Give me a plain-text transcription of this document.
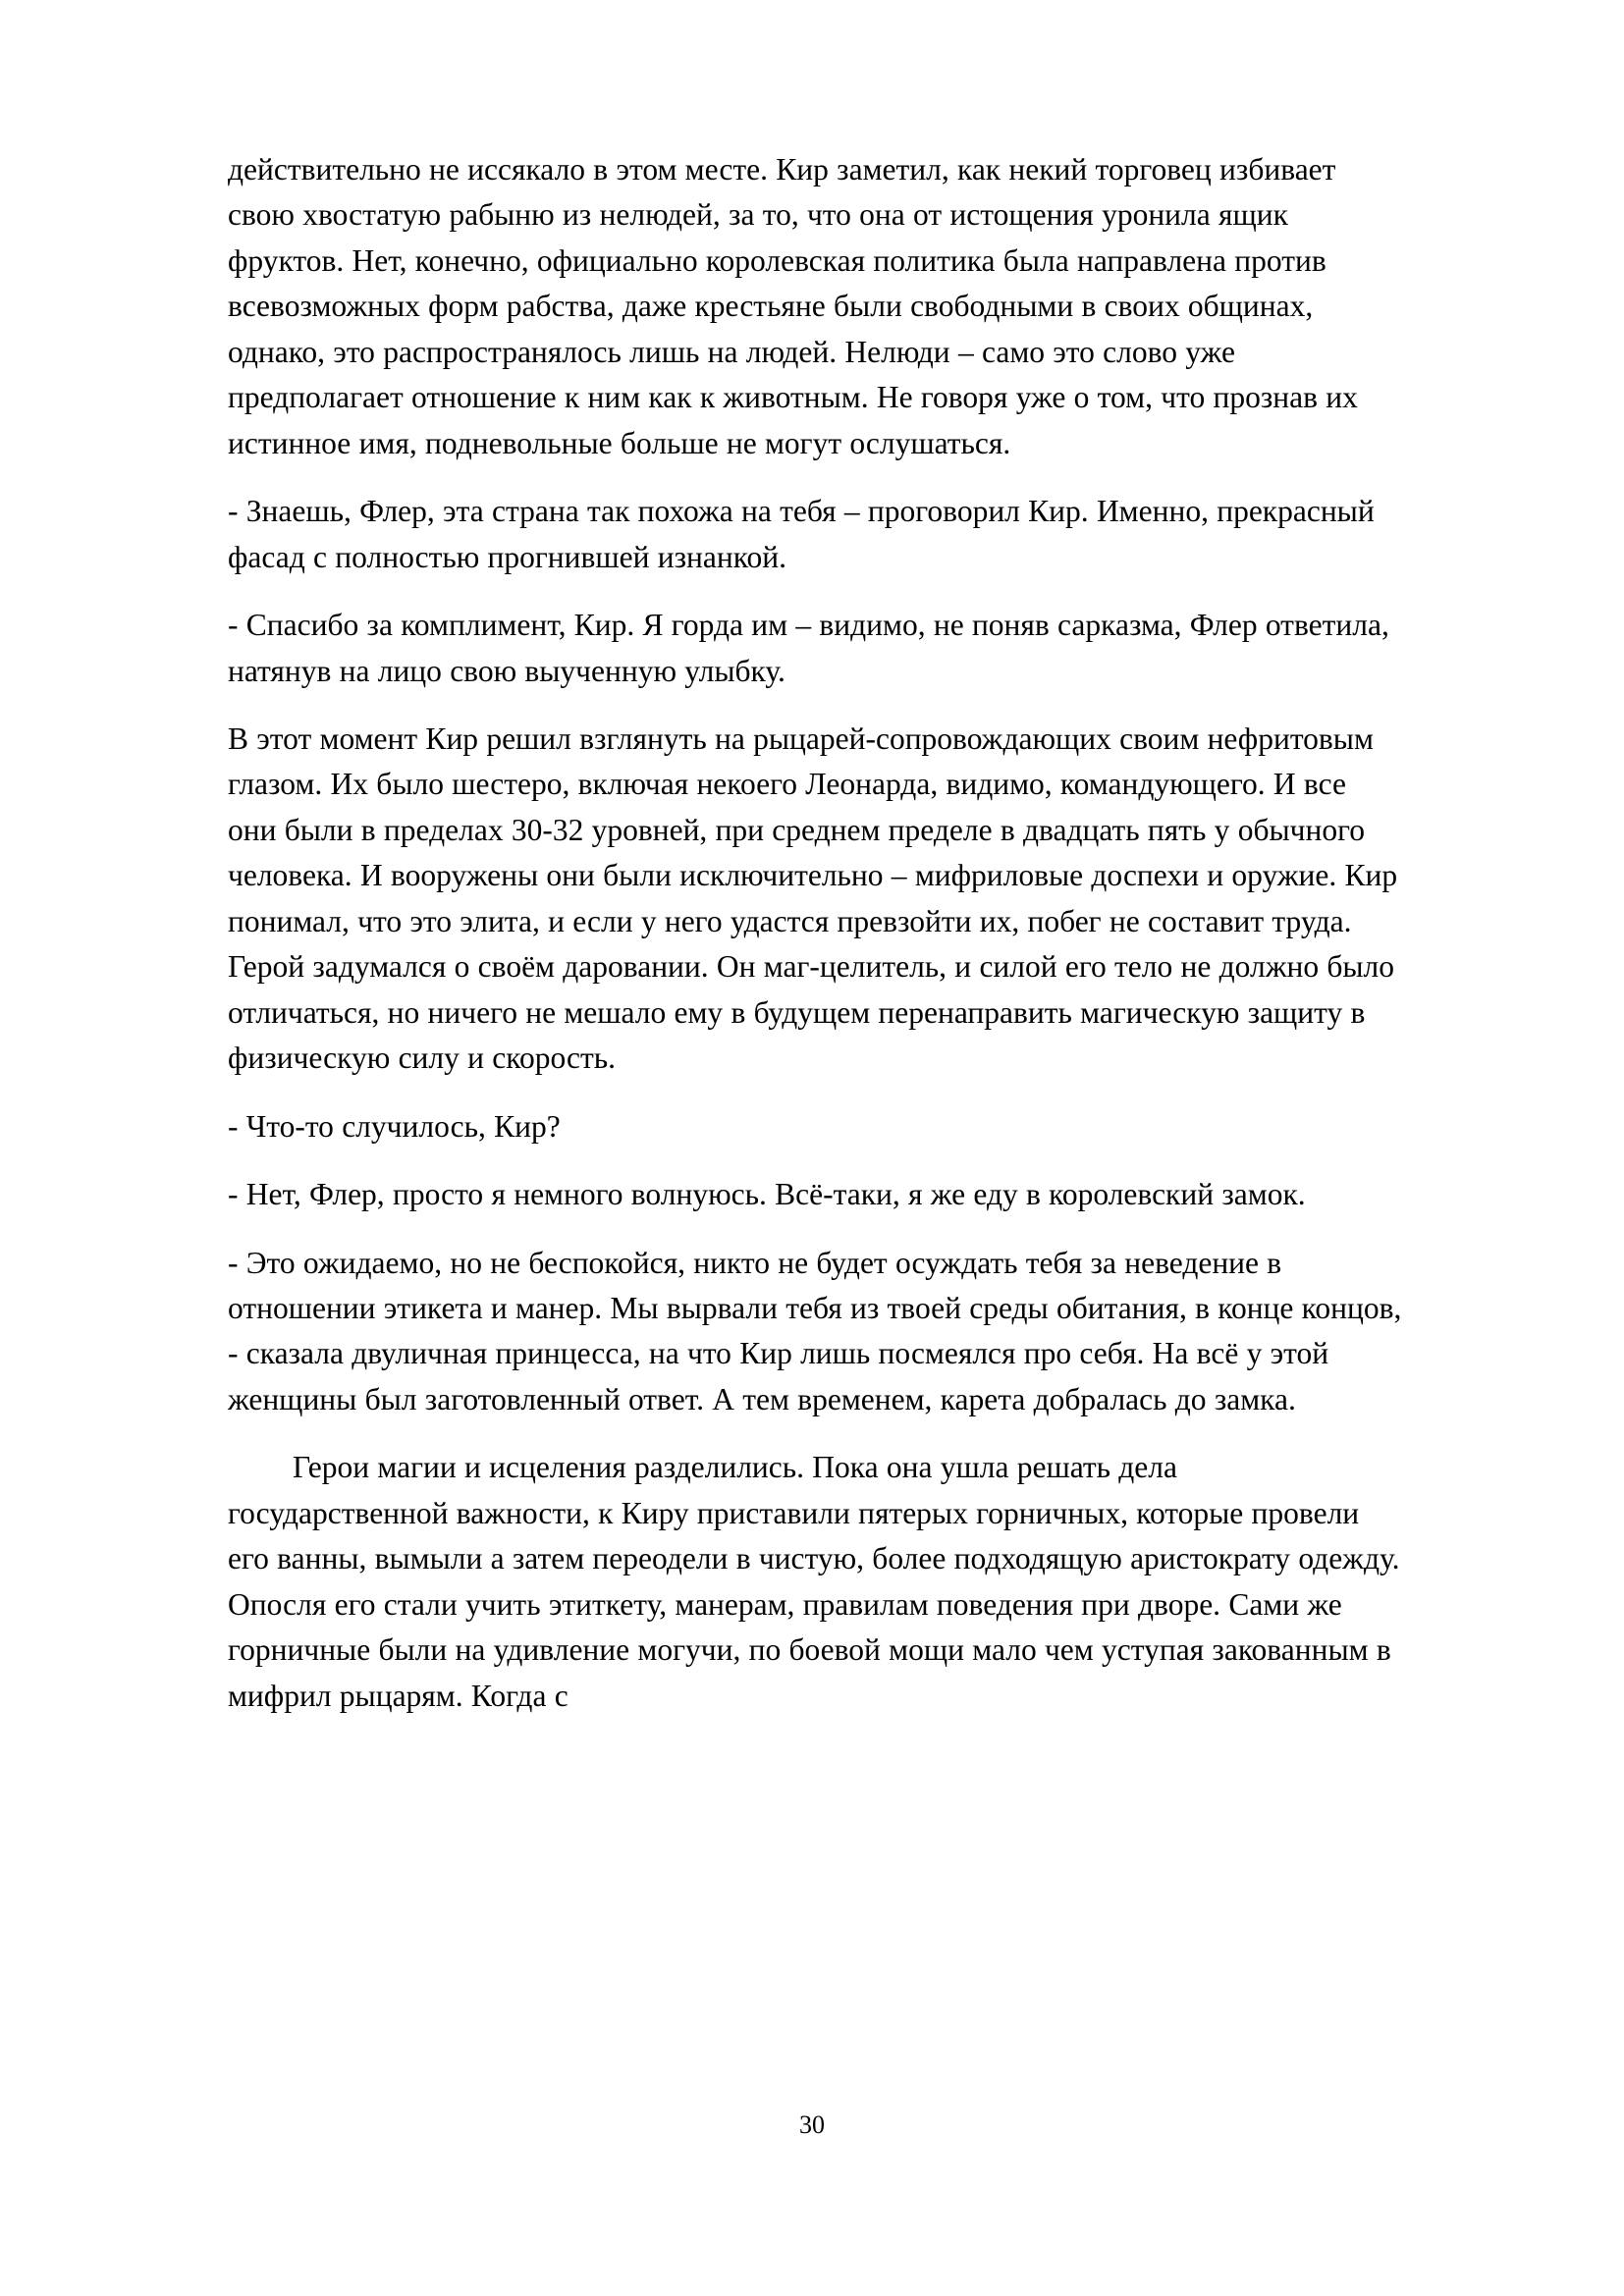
действительно не иссякало в этом месте. Кир заметил, как некий торговец избивает свою хвостатую рабыню из нелюдей, за то, что она от истощения уронила ящик фруктов. Нет, конечно, официально королевская политика была направлена против всевозможных форм рабства, даже крестьяне были свободными в своих общинах, однако, это распространялось лишь на людей. Нелюди – само это слово уже предполагает отношение к ним как к животным. Не говоря уже о том, что прознав их истинное имя, подневольные больше не могут ослушаться.

- Знаешь, Флер, эта страна так похожа на тебя – проговорил Кир. Именно, прекрасный фасад с полностью прогнившей изнанкой.

- Спасибо за комплимент, Кир. Я горда им – видимо, не поняв сарказма, Флер ответила, натянув на лицо свою выученную улыбку.

В этот момент Кир решил взглянуть на рыцарей-сопровождающих своим нефритовым глазом. Их было шестеро, включая некоего Леонарда, видимо, командующего. И все они были в пределах 30-32 уровней, при среднем пределе в двадцать пять у обычного человека. И вооружены они были исключительно – мифриловые доспехи и оружие. Кир понимал, что это элита, и если у него удастся превзойти их, побег не составит труда. Герой задумался о своём даровании. Он маг-целитель, и силой его тело не должно было отличаться, но ничего не мешало ему в будущем перенаправить магическую защиту в физическую силу и скорость.

- Что-то случилось, Кир?

- Нет, Флер, просто я немного волнуюсь. Всё-таки, я же еду в королевский замок.

- Это ожидаемо, но не беспокойся, никто не будет осуждать тебя за неведение в отношении этикета и манер. Мы вырвали тебя из твоей среды обитания, в конце концов, - сказала двуличная принцесса, на что Кир лишь посмеялся про себя. На всё у этой женщины был заготовленный ответ. А тем временем, карета добралась до замка.

Герои магии и исцеления разделились. Пока она ушла решать дела государственной важности, к Киру приставили пятерых горничных, которые провели его ванны, вымыли а затем переодели в чистую, более подходящую аристократу одежду. Опосля его стали учить этиткету, манерам, правилам поведения при дворе. Сами же горничные были на удивление могучи, по боевой мощи мало чем уступая закованным в мифрил рыцарям. Когда с

30
